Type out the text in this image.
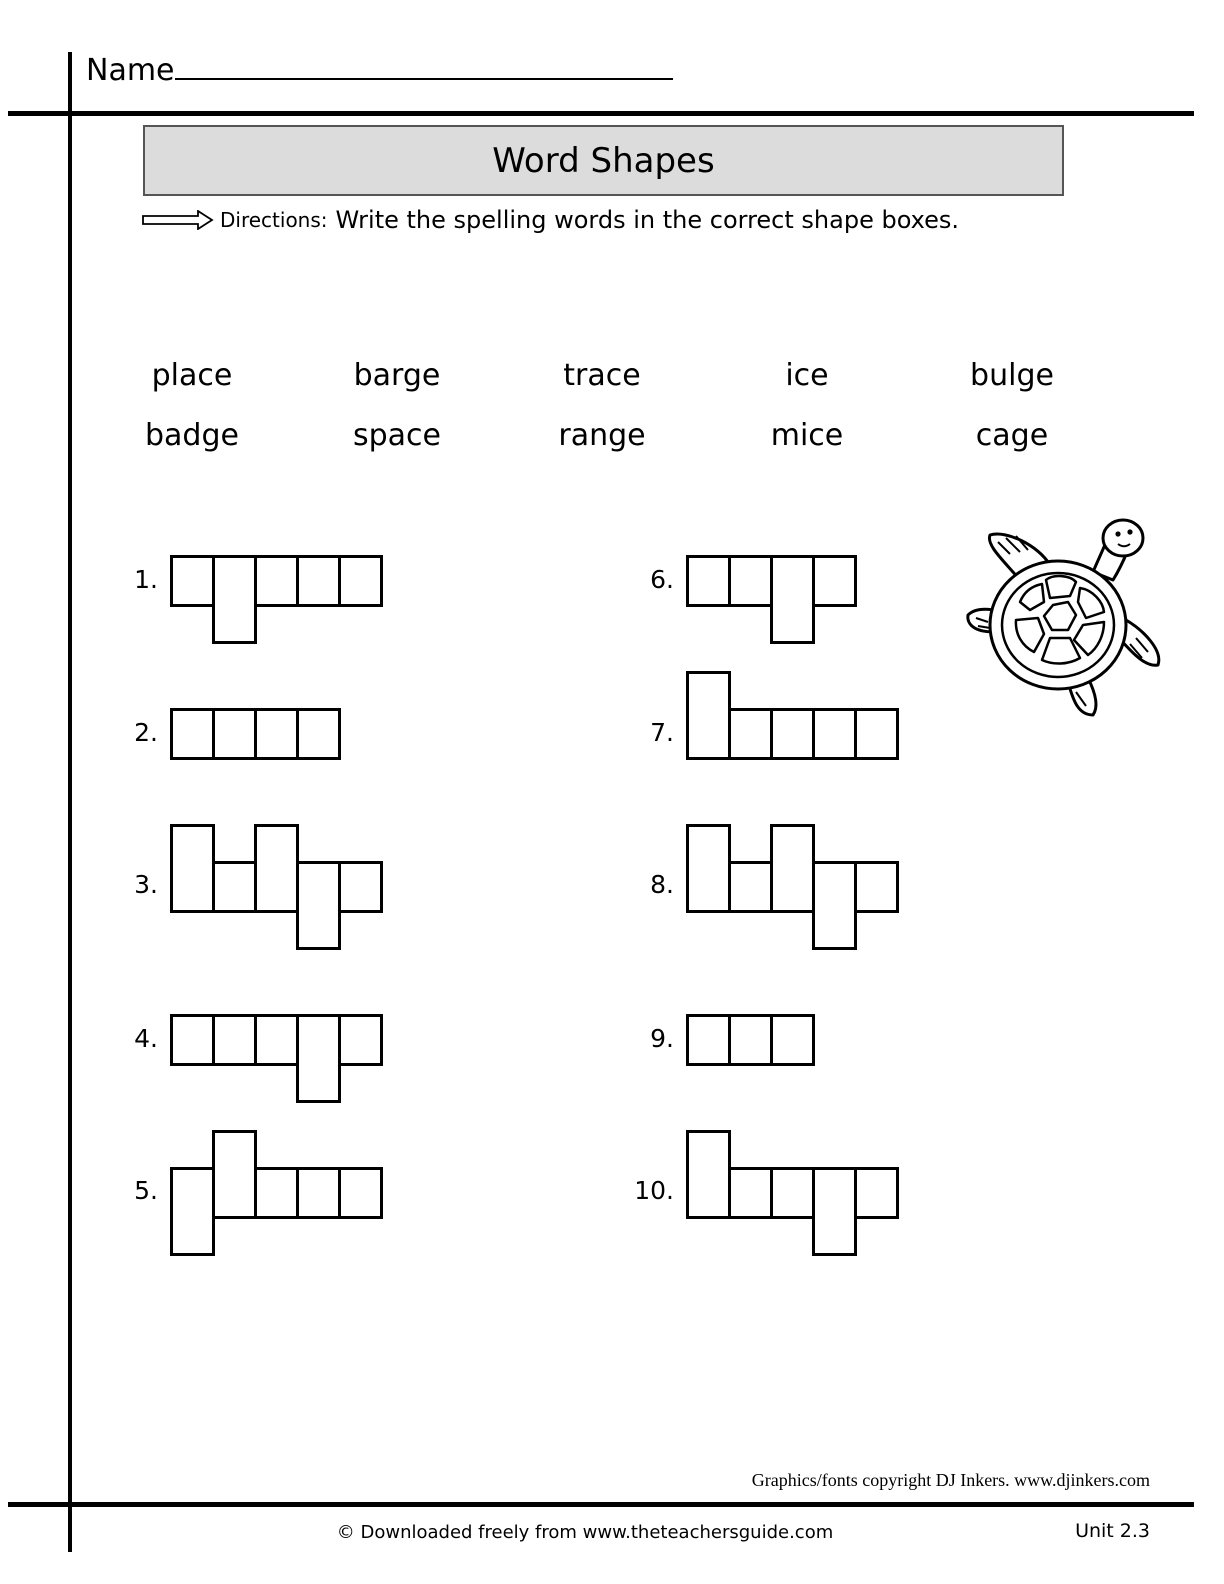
Name
Word Shapes
Directions: Write the spelling words in the correct shape boxes.
place	barge	trace	ice	bulge
badge	space	range	mice	cage
1.
2.
3.
4.
5.
6.
7.
8.
9.
10.
Graphics/fonts copyright DJ Inkers. www.djinkers.com
© Downloaded freely from www.theteachersguide.com	Unit 2.3
